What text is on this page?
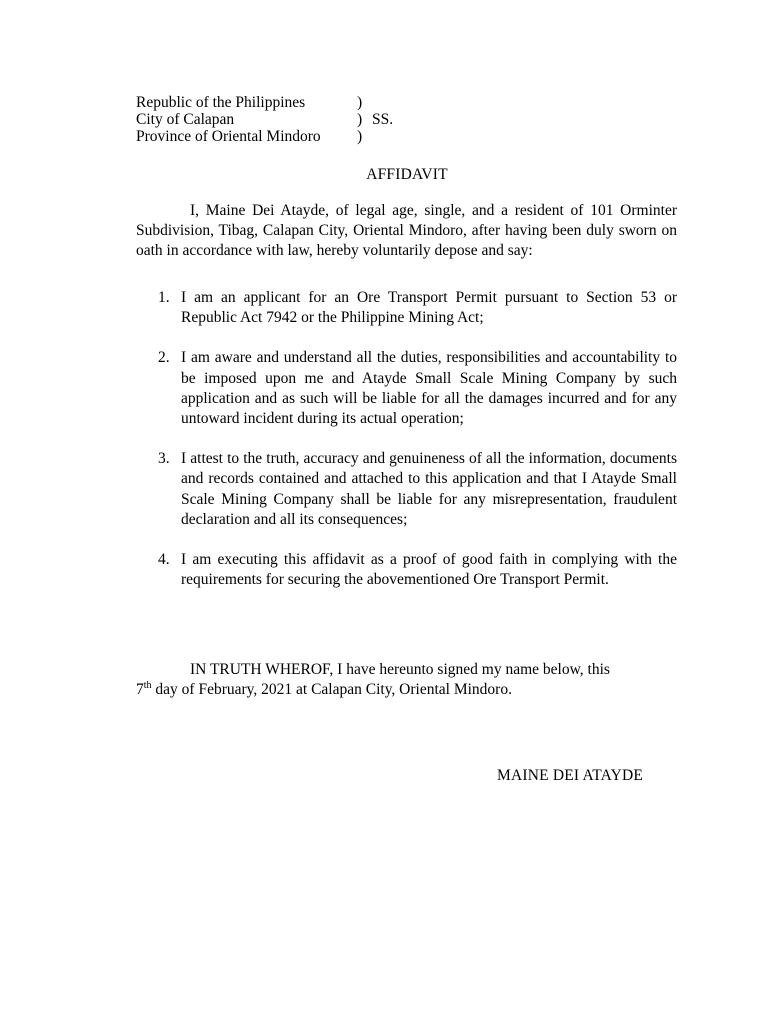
Republic of the Philippines	)
City of Calapan	) SS.
Province of Oriental Mindoro )
AFFIDAVIT

I, Maine Dei Atayde, of legal age, single, and a resident of 101 Orminter Subdivision, Tibag, Calapan City, Oriental Mindoro, after having been duly sworn on oath in accordance with law, hereby voluntarily depose and say:

1. I am an applicant for an Ore Transport Permit pursuant to Section 53 or Republic Act 7942 or the Philippine Mining Act;
2. I am aware and understand all the duties, responsibilities and accountability to be imposed upon me and Atayde Small Scale Mining Company by such application and as such will be liable for all the damages incurred and for any untoward incident during its actual operation;
3. I attest to the truth, accuracy and genuineness of all the information, documents and records contained and attached to this application and that I Atayde Small Scale Mining Company shall be liable for any misrepresentation, fraudulent declaration and all its consequences;
4. I am executing this affidavit as a proof of good faith in complying with the requirements for securing the abovementioned Ore Transport Permit.

IN TRUTH WHEROF, I have hereunto signed my name below, this
7th day of February, 2021 at Calapan City, Oriental Mindoro.

MAINE DEI ATAYDE
